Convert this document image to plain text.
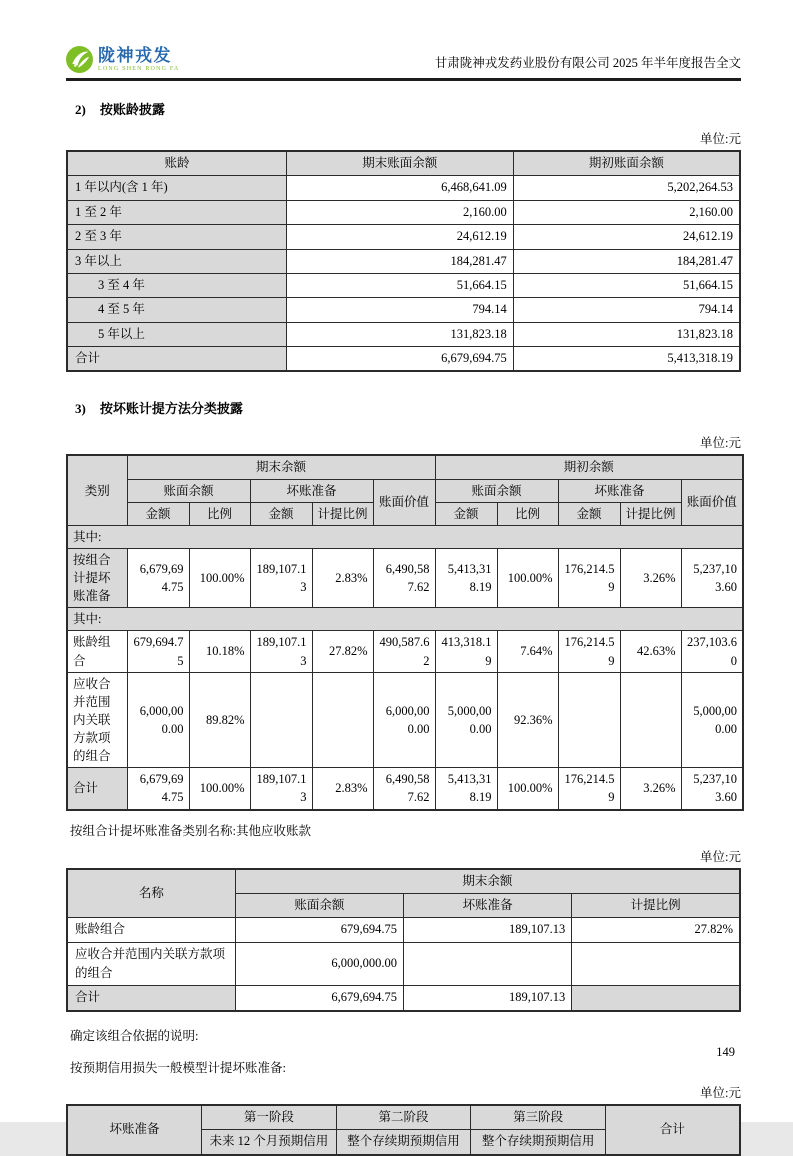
陇神戎发
LONG SHEN RONG FA	甘肃陇神戎发药业股份有限公司 2025 年半年度报告全文
2) 按账龄披露
单位:元
账龄	期末账面余额	期初账面余额
1 年以内(含 1 年)	6,468,641.09	5,202,264.53
1 至 2 年	2,160.00	2,160.00
2 至 3 年	24,612.19	24,612.19
3 年以上	184,281.47	184,281.47
3 至 4 年	51,664.15	51,664.15
4 至 5 年	794.14	794.14
5 年以上	131,823.18	131,823.18
合计	6,679,694.75	5,413,318.19
3) 按坏账计提方法分类披露
单位:元
类别	期末余额					期初余额				
	账面余额		坏账准备		账面价值	账面余额		坏账准备		账面价值
	金额	比例	金额	计提比例		金额	比例	金额	计提比例	
其中:										
按组合计提坏账准备	6,679,694.75	100.00%	189,107.13	2.83%	6,490,587.62	5,413,318.19	100.00%	176,214.59	3.26%	5,237,103.60
其中:										
账龄组合	679,694.75	10.18%	189,107.13	27.82%	490,587.62	413,318.19	7.64%	176,214.59	42.63%	237,103.60
应收合并范围内关联方款项的组合	6,000,000.00	89.82%			6,000,000.00	5,000,000.00	92.36%			5,000,000.00
合计	6,679,694.75	100.00%	189,107.13	2.83%	6,490,587.62	5,413,318.19	100.00%	176,214.59	3.26%	5,237,103.60
按组合计提坏账准备类别名称:其他应收账款
单位:元
名称	期末余额		
	账面余额	坏账准备	计提比例
账龄组合	679,694.75	189,107.13	27.82%
应收合并范围内关联方款项的组合	6,000,000.00		
合计	6,679,694.75	189,107.13	
确定该组合依据的说明:
按预期信用损失一般模型计提坏账准备:
单位:元
坏账准备	第一阶段	第二阶段	第三阶段	合计
	未来 12 个月预期信用	整个存续期预期信用	整个存续期预期信用	
149
